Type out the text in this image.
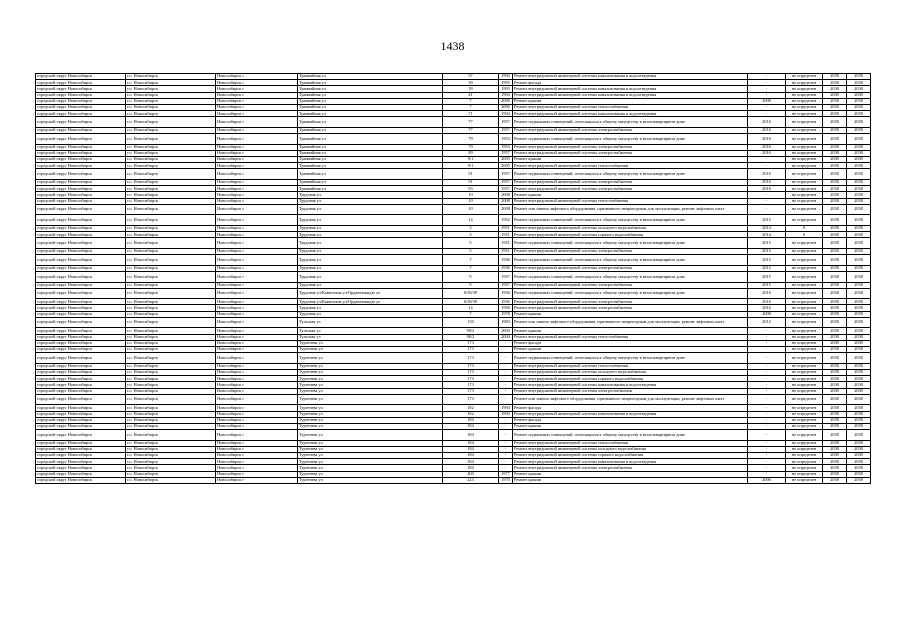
1438
городской округ Новосибирск	г.о. Новосибирск	Новосибирск г	Трамвайная ул	37	1994	Ремонт внутридомовой инженерной системы канализования и водоотведения	-	не определен	2038	2038
городской округ Новосибирск	г.о. Новосибирск	Новосибирск г	Трамвайная ул	39	1995	Ремонт фасада	-	не определен	2038	2038
городской округ Новосибирск	г.о. Новосибирск	Новосибирск г	Трамвайная ул	39	1995	Ремонт внутридомовой инженерной системы канализования и водоотведения	-	не определен	2038	2038
городской округ Новосибирск	г.о. Новосибирск	Новосибирск г	Трамвайная ул	41	1994	Ремонт внутридомовой инженерной системы канализования и водоотведения	-	не определен	2038	2038
городской округ Новосибирск	г.о. Новосибирск	Новосибирск г	Трамвайная ул	7	2006	Ремонт крыши	2008	не определен	2038	2038
городской округ Новосибирск	г.о. Новосибирск	Новосибирск г	Трамвайная ул	7	2006	Ремонт внутридомовой инженерной системы теплоснабжения	-	не определен	2038	2038
городской округ Новосибирск	г.о. Новосибирск	Новосибирск г	Трамвайная ул	71	1994	Ремонт внутридомовой инженерной системы канализования и водоотведения	-	не определен	2038	2038
городской округ Новосибирск	г.о. Новосибирск	Новосибирск г	Трамвайная ул	77	1957	Ремонт подвальных помещений, относящихся к общему имуществу в многоквартирном доме	2016	не определен	2038	2038
городской округ Новосибирск	г.о. Новосибирск	Новосибирск г	Трамвайная ул	77	1957	Ремонт внутридомовой инженерной системы электроснабжения	2016	не определен	2038	2038
городской округ Новосибирск	г.о. Новосибирск	Новосибирск г	Трамвайная ул	79	1953	Ремонт подвальных помещений, относящихся к общему имуществу в многоквартирном доме	2016	не определен	2038	2038
городской округ Новосибирск	г.о. Новосибирск	Новосибирск г	Трамвайная ул	79	1953	Ремонт внутридомовой инженерной системы электроснабжения	2016	не определен	2038	2038
городской округ Новосибирск	г.о. Новосибирск	Новосибирск г	Трамвайная ул	89	1957	Ремонт внутридомовой инженерной системы электроснабжения	2016	не определен	2038	2038
городской округ Новосибирск	г.о. Новосибирск	Новосибирск г	Трамвайная ул	9/1	2005	Ремонт крыши	-	не определен	2038	2038
городской округ Новосибирск	г.о. Новосибирск	Новосибирск г	Трамвайная ул	9/1	2005	Ремонт внутридомовой инженерной системы теплоснабжения	-	не определен	2038	2038
городской округ Новосибирск	г.о. Новосибирск	Новосибирск г	Трамвайная ул	91	1957	Ремонт подвальных помещений, относящихся к общему имуществу в многоквартирном доме	2016	не определен	2038	2038
городской округ Новосибирск	г.о. Новосибирск	Новосибирск г	Трамвайная ул	91	1957	Ремонт внутридомовой инженерной системы электроснабжения	2016	не определен	2038	2038
городской округ Новосибирск	г.о. Новосибирск	Новосибирск г	Трамвайная ул	93	1957	Ремонт внутридомовой инженерной системы электроснабжения	2016	не определен	2038	2038
городской округ Новосибирск	г.о. Новосибирск	Новосибирск г	Трудовая ул	10	2008	Ремонт крыши	-	не определен	2038	2038
городской округ Новосибирск	г.о. Новосибирск	Новосибирск г	Трудовая ул	10	2008	Ремонт внутридомовой инженерной системы теплоснабжения	-	не определен	2038	2038
городской округ Новосибирск	г.о. Новосибирск	Новосибирск г	Трудовая ул	10	2008	Ремонт или замена лифтового оборудования, признанного непригодным для эксплуатации, ремонт лифтовых шахт	-	не определен	2038	2038
городской округ Новосибирск	г.о. Новосибирск	Новосибирск г	Трудовая ул	14	1952	Ремонт подвальных помещений, относящихся к общему имуществу в многоквартирном доме	2015	не определен	2038	2038
городской округ Новосибирск	г.о. Новосибирск	Новосибирск г	Трудовая ул	3	1951	Ремонт внутридомовой инженерной системы холодного водоснабжения	2014	0	2038	2038
городской округ Новосибирск	г.о. Новосибирск	Новосибирск г	Трудовая ул	3	1951	Ремонт внутридомовой инженерной системы горячего водоснабжения	2014	0	2038	2038
городской округ Новосибирск	г.о. Новосибирск	Новосибирск г	Трудовая ул	5	1951	Ремонт подвальных помещений, относящихся к общему имуществу в многоквартирном доме	2015	не определен	2038	2038
городской округ Новосибирск	г.о. Новосибирск	Новосибирск г	Трудовая ул	5	1951	Ремонт внутридомовой инженерной системы электроснабжения	2015	не определен	2038	2038
городской округ Новосибирск	г.о. Новосибирск	Новосибирск г	Трудовая ул	7	1936	Ремонт подвальных помещений, относящихся к общему имуществу в многоквартирном доме	2015	не определен	2038	2038
городской округ Новосибирск	г.о. Новосибирск	Новосибирск г	Трудовая ул	7	1936	Ремонт внутридомовой инженерной системы электроснабжения	2015	не определен	2038	2038
городской округ Новосибирск	г.о. Новосибирск	Новосибирск г	Трудовая ул	9	1937	Ремонт подвальных помещений, относящихся к общему имуществу в многоквартирном доме	2015	не определен	2038	2038
городской округ Новосибирск	г.о. Новосибирск	Новосибирск г	Трудовая ул	9	1937	Ремонт внутридомовой инженерной системы электроснабжения	2015	не определен	2038	2038
городской округ Новосибирск	г.о. Новосибирск	Новосибирск г	Трудовая ул/Каменская ул/Орджоникидзе ул	8/38/39	1936	Ремонт подвальных помещений, относящихся к общему имуществу в многоквартирном доме	2016	не определен	2038	2038
городской округ Новосибирск	г.о. Новосибирск	Новосибирск г	Трудовая ул/Каменская ул/Орджоникидзе ул	8/38/39	1936	Ремонт внутридомовой инженерной системы электроснабжения	2016	не определен	2038	2038
городской округ Новосибирск	г.о. Новосибирск	Новосибирск г	Трудовая ул	14	1956	Ремонт внутридомовой инженерной системы электроснабжения	2016	не определен	2038	2038
городской округ Новосибирск	г.о. Новосибирск	Новосибирск г	Трудовая ул	7	1978	Ремонт крыши	2008	не определен	2038	2038
городской округ Новосибирск	г.о. Новосибирск	Новосибирск г	Тульская ул	150	1983	Ремонт или замена лифтового оборудования, признанного непригодным для эксплуатации, ремонт лифтовых шахт	2012	не определен	2038	2038
городской округ Новосибирск	г.о. Новосибирск	Новосибирск г	Тульская ул	90/2	2004	Ремонт крыши	-	не определен	2038	2038
городской округ Новосибирск	г.о. Новосибирск	Новосибирск г	Тульская ул	90/2	2004	Ремонт внутридомовой инженерной системы теплоснабжения	-	не определен	2038	2038
городской округ Новосибирск	г.о. Новосибирск	Новосибирск г	Тургенева ул	173	-	Ремонт фасада	-	не определен	2038	2038
городской округ Новосибирск	г.о. Новосибирск	Новосибирск г	Тургенева ул	173	-	Ремонт крыши	-	не определен	2038	2038
городской округ Новосибирск	г.о. Новосибирск	Новосибирск г	Тургенева ул	173	-	Ремонт подвальных помещений, относящихся к общему имуществу в многоквартирном доме	-	не определен	2038	2038
городской округ Новосибирск	г.о. Новосибирск	Новосибирск г	Тургенева ул	173	-	Ремонт внутридомовой инженерной системы теплоснабжения	-	не определен	2038	2038
городской округ Новосибирск	г.о. Новосибирск	Новосибирск г	Тургенева ул	173	-	Ремонт внутридомовой инженерной системы холодного водоснабжения	-	не определен	2038	2038
городской округ Новосибирск	г.о. Новосибирск	Новосибирск г	Тургенева ул	173	-	Ремонт внутридомовой инженерной системы горячего водоснабжения	-	не определен	2038	2038
городской округ Новосибирск	г.о. Новосибирск	Новосибирск г	Тургенева ул	173	-	Ремонт внутридомовой инженерной системы канализования и водоотведения	-	не определен	2038	2038
городской округ Новосибирск	г.о. Новосибирск	Новосибирск г	Тургенева ул	173	-	Ремонт внутридомовой инженерной системы электроснабжения	-	не определен	2038	2038
городской округ Новосибирск	г.о. Новосибирск	Новосибирск г	Тургенева ул	173	-	Ремонт или замена лифтового оборудования, признанного непригодным для эксплуатации, ремонт лифтовых шахт	-	не определен	2038	2038
городской округ Новосибирск	г.о. Новосибирск	Новосибирск г	Тургенева ул	182	1994	Ремонт фасада	-	не определен	2038	2038
городской округ Новосибирск	г.о. Новосибирск	Новосибирск г	Тургенева ул	182	1994	Ремонт внутридомовой инженерной системы канализования и водоотведения	-	не определен	2038	2038
городской округ Новосибирск	г.о. Новосибирск	Новосибирск г	Тургенева ул	184	-	Ремонт фасада	-	не определен	2038	2038
городской округ Новосибирск	г.о. Новосибирск	Новосибирск г	Тургенева ул	184	-	Ремонт крыши	-	не определен	2038	2038
городской округ Новосибирск	г.о. Новосибирск	Новосибирск г	Тургенева ул	184	-	Ремонт подвальных помещений, относящихся к общему имуществу в многоквартирном доме	-	не определен	2038	2038
городской округ Новосибирск	г.о. Новосибирск	Новосибирск г	Тургенева ул	184	-	Ремонт внутридомовой инженерной системы теплоснабжения	-	не определен	2038	2038
городской округ Новосибирск	г.о. Новосибирск	Новосибирск г	Тургенева ул	184	-	Ремонт внутридомовой инженерной системы холодного водоснабжения	-	не определен	2038	2038
городской округ Новосибирск	г.о. Новосибирск	Новосибирск г	Тургенева ул	184	-	Ремонт внутридомовой инженерной системы горячего водоснабжения	-	не определен	2038	2038
городской округ Новосибирск	г.о. Новосибирск	Новосибирск г	Тургенева ул	184	-	Ремонт внутридомовой инженерной системы канализования и водоотведения	-	не определен	2038	2038
городской округ Новосибирск	г.о. Новосибирск	Новосибирск г	Тургенева ул	184	-	Ремонт внутридомовой инженерной системы электроснабжения	-	не определен	2038	2038
городской округ Новосибирск	г.о. Новосибирск	Новосибирск г	Тургенева ул	200	1977	Ремонт крыши	-	не определен	2038	2038
городской округ Новосибирск	г.о. Новосибирск	Новосибирск г	Тургенева ул	223	1970	Ремонт крыши	2006	не определен	2038	2038
